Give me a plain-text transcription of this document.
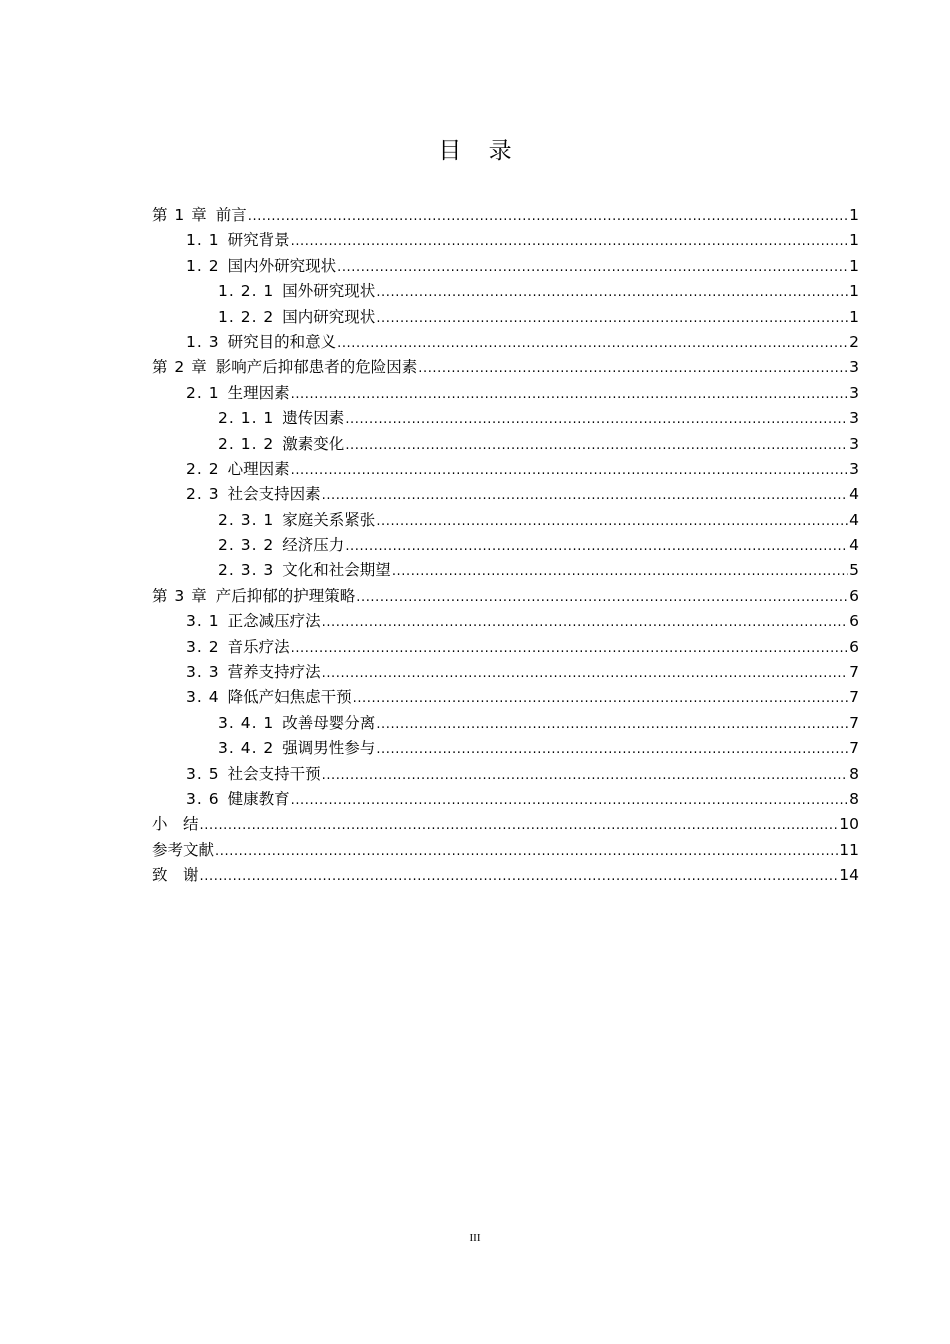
目 录
第 1 章 前言 .....	1
1. 1 研究背景 .....	1
1. 2 国内外研究现状 .....	1
1. 2. 1 国外研究现状 .....	1
1. 2. 2 国内研究现状 .....	1
1. 3 研究目的和意义 .....	2
第 2 章 影响产后抑郁患者的危险因素 .....	3
2. 1 生理因素 .....	3
2. 1. 1 遗传因素 .....	3
2. 1. 2 激素变化 .....	3
2. 2 心理因素 .....	3
2. 3 社会支持因素 .....	4
2. 3. 1 家庭关系紧张 .....	4
2. 3. 2 经济压力 .....	4
2. 3. 3 文化和社会期望 .....	5
第 3 章 产后抑郁的护理策略 .....	6
3. 1 正念减压疗法 .....	6
3. 2 音乐疗法 .....	6
3. 3 营养支持疗法 .....	7
3. 4 降低产妇焦虑干预 .....	7
3. 4. 1 改善母婴分离 .....	7
3. 4. 2 强调男性参与 .....	7
3. 5 社会支持干预 .....	8
3. 6 健康教育 .....	8
小　结 .....	10
参考文献 .....	11
致　谢 .....	14
III
